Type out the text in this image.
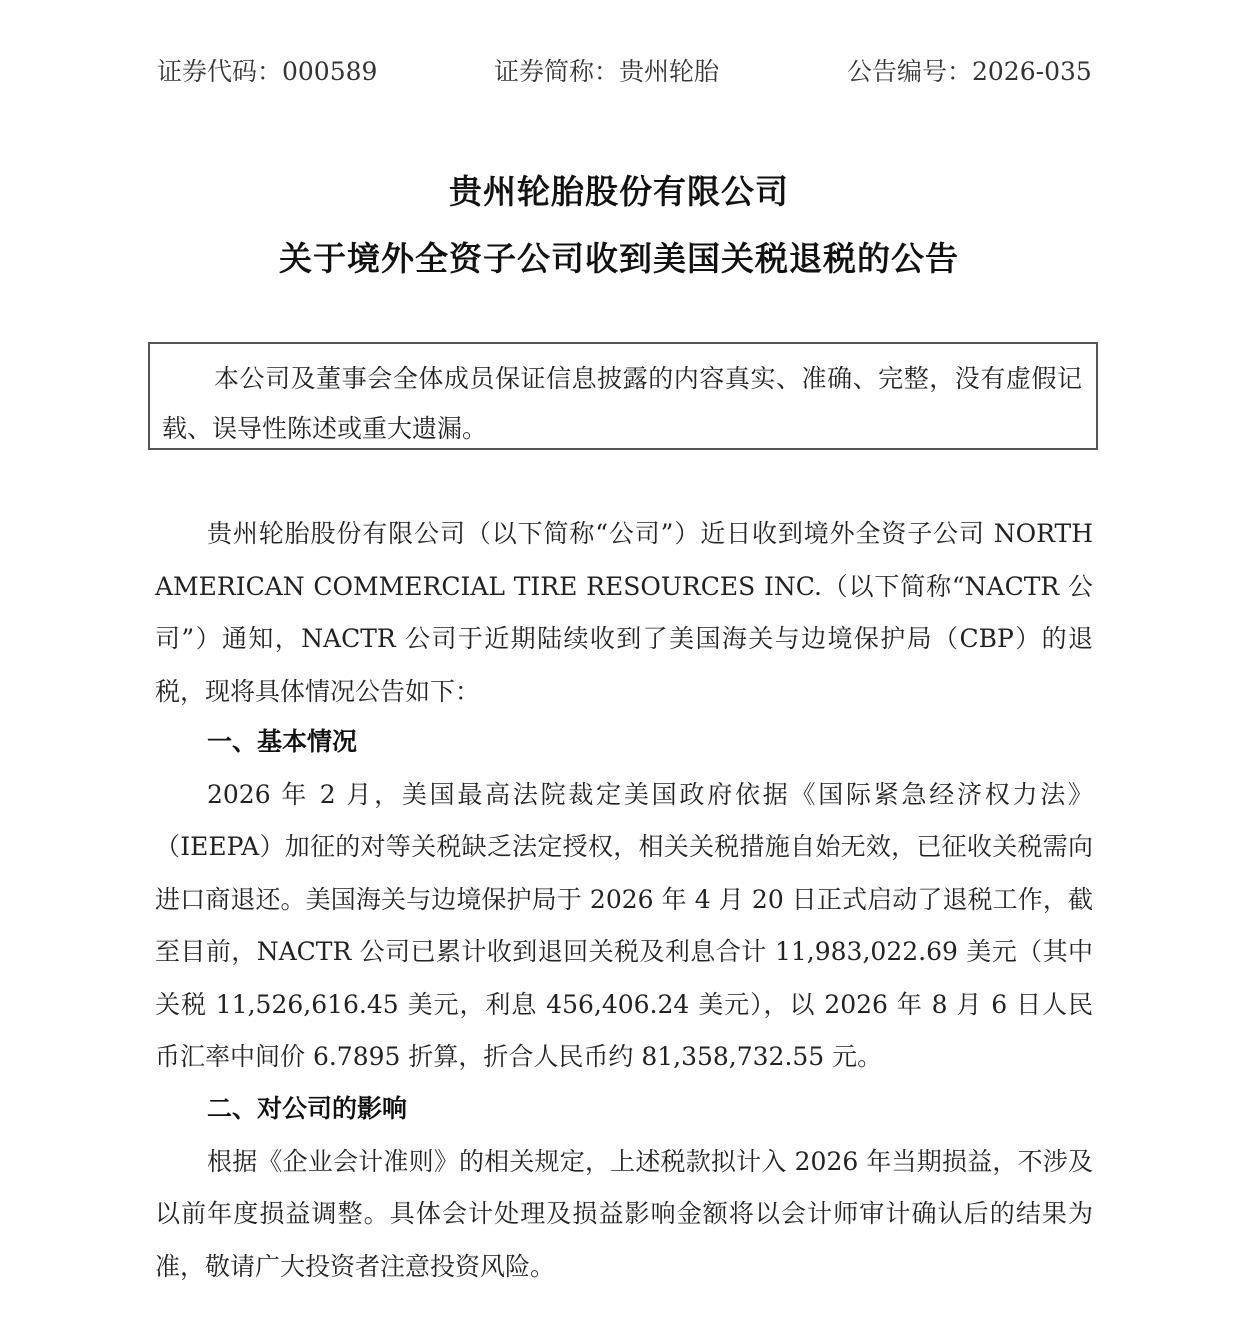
证券代码：000589	证券简称：贵州轮胎	公告编号：2026-035
贵州轮胎股份有限公司
关于境外全资子公司收到美国关税退税的公告

本公司及董事会全体成员保证信息披露的内容真实、准确、完整，没有虚假记载、误导性陈述或重大遗漏。

贵州轮胎股份有限公司（以下简称“公司”）近日收到境外全资子公司 NORTH AMERICAN COMMERCIAL TIRE RESOURCES INC.（以下简称“NACTR 公司”）通知，NACTR 公司于近期陆续收到了美国海关与边境保护局（CBP）的退税，现将具体情况公告如下：

一、基本情况

2026 年 2 月，美国最高法院裁定美国政府依据《国际紧急经济权力法》（IEEPA）加征的对等关税缺乏法定授权，相关关税措施自始无效，已征收关税需向进口商退还。美国海关与边境保护局于 2026 年 4 月 20 日正式启动了退税工作，截至目前，NACTR 公司已累计收到退回关税及利息合计 11,983,022.69 美元（其中关税 11,526,616.45 美元，利息 456,406.24 美元），以 2026 年 8 月 6 日人民币汇率中间价 6.7895 折算，折合人民币约 81,358,732.55 元。

二、对公司的影响

根据《企业会计准则》的相关规定，上述税款拟计入 2026 年当期损益，不涉及以前年度损益调整。具体会计处理及损益影响金额将以会计师审计确认后的结果为准，敬请广大投资者注意投资风险。
